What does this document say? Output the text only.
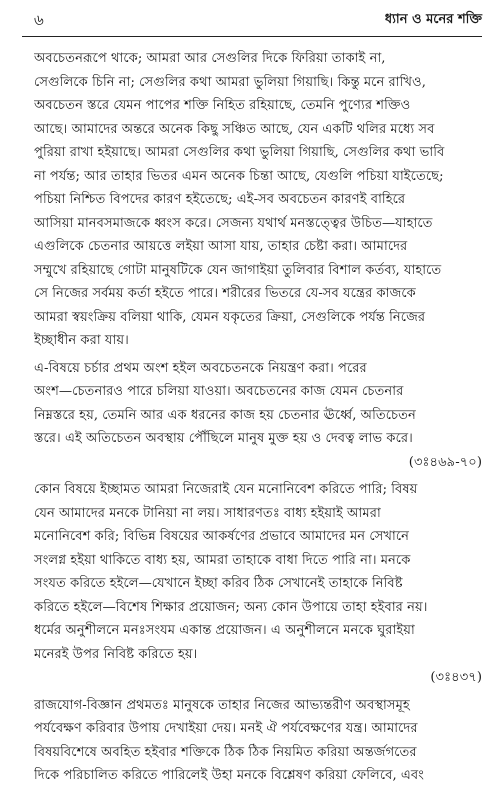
৬	ধ্যান ও মনের শক্তি
অবচেতনরূপে থাকে; আমরা আর সেগুলির দিকে ফিরিয়া তাকাই না,
সেগুলিকে চিনি না; সেগুলির কথা আমরা ভুলিয়া গিয়াছি। কিন্তু মনে রাখিও,
অবচেতন স্তরে যেমন পাপের শক্তি নিহিত রহিয়াছে, তেমনি পুণ্যের শক্তিও
আছে। আমাদের অন্তরে অনেক কিছু সঞ্চিত আছে, যেন একটি থলির মধ্যে সব
পুরিয়া রাখা হইয়াছে। আমরা সেগুলির কথা ভুলিয়া গিয়াছি, সেগুলির কথা ভাবি
না পর্যন্ত; আর তাহার ভিতর এমন অনেক চিন্তা আছে, যেগুলি পচিয়া যাইতেছে;
পচিয়া নিশ্চিত বিপদের কারণ হইতেছে; এই-সব অবচেতন কারণই বাহিরে
আসিয়া মানবসমাজকে ধ্বংস করে। সেজন্য যথার্থ মনস্তত্ত্বের উচিত—যাহাতে
এগুলিকে চেতনার আয়ত্তে লইয়া আসা যায়, তাহার চেষ্টা করা। আমাদের
সম্মুখে রহিয়াছে গোটা মানুষটিকে যেন জাগাইয়া তুলিবার বিশাল কর্তব্য, যাহাতে
সে নিজের সর্বময় কর্তা হইতে পারে। শরীরের ভিতরে যে-সব যন্ত্রের কাজকে
আমরা স্বয়ংক্রিয় বলিয়া থাকি, যেমন যকৃতের ক্রিয়া, সেগুলিকে পর্যন্ত নিজের
ইচ্ছাধীন করা যায়।
এ-বিষয়ে চর্চার প্রথম অংশ হইল অবচেতনকে নিয়ন্ত্রণ করা। পরের
অংশ—চেতনারও পারে চলিয়া যাওয়া। অবচেতনের কাজ যেমন চেতনার
নিম্নস্তরে হয়, তেমনি আর এক ধরনের কাজ হয় চেতনার ঊর্ধ্বে, অতিচেতন
স্তরে। এই অতিচেতন অবস্থায় পৌঁছিলে মানুষ মুক্ত হয় ও দেবত্ব লাভ করে।
(৩ঃ৪৬৯-৭০)
কোন বিষয়ে ইচ্ছামত আমরা নিজেরাই যেন মনোনিবেশ করিতে পারি; বিষয়
যেন আমাদের মনকে টানিয়া না লয়। সাধারণতঃ বাধ্য হইয়াই আমরা
মনোনিবেশ করি; বিভিন্ন বিষয়ের আকর্ষণের প্রভাবে আমাদের মন সেখানে
সংলগ্ন হইয়া থাকিতে বাধ্য হয়, আমরা তাহাকে বাধা দিতে পারি না। মনকে
সংযত করিতে হইলে—যেখানে ইচ্ছা করিব ঠিক সেখানেই তাহাকে নিবিষ্ট
করিতে হইলে—বিশেষ শিক্ষার প্রয়োজন; অন্য কোন উপায়ে তাহা হইবার নয়।
ধর্মের অনুশীলনে মনঃসংযম একান্ত প্রয়োজন। এ অনুশীলনে মনকে ঘুরাইয়া
মনেরই উপর নিবিষ্ট করিতে হয়।
(৩ঃ৪৩৭)
রাজযোগ-বিজ্ঞান প্রথমতঃ মানুষকে তাহার নিজের আভ্যন্তরীণ অবস্থাসমূহ
পর্যবেক্ষণ করিবার উপায় দেখাইয়া দেয়। মনই ঐ পর্যবেক্ষণের যন্ত্র। আমাদের
বিষয়বিশেষে অবহিত হইবার শক্তিকে ঠিক ঠিক নিয়মিত করিয়া অন্তর্জগতের
দিকে পরিচালিত করিতে পারিলেই উহা মনকে বিশ্লেষণ করিয়া ফেলিবে, এবং
